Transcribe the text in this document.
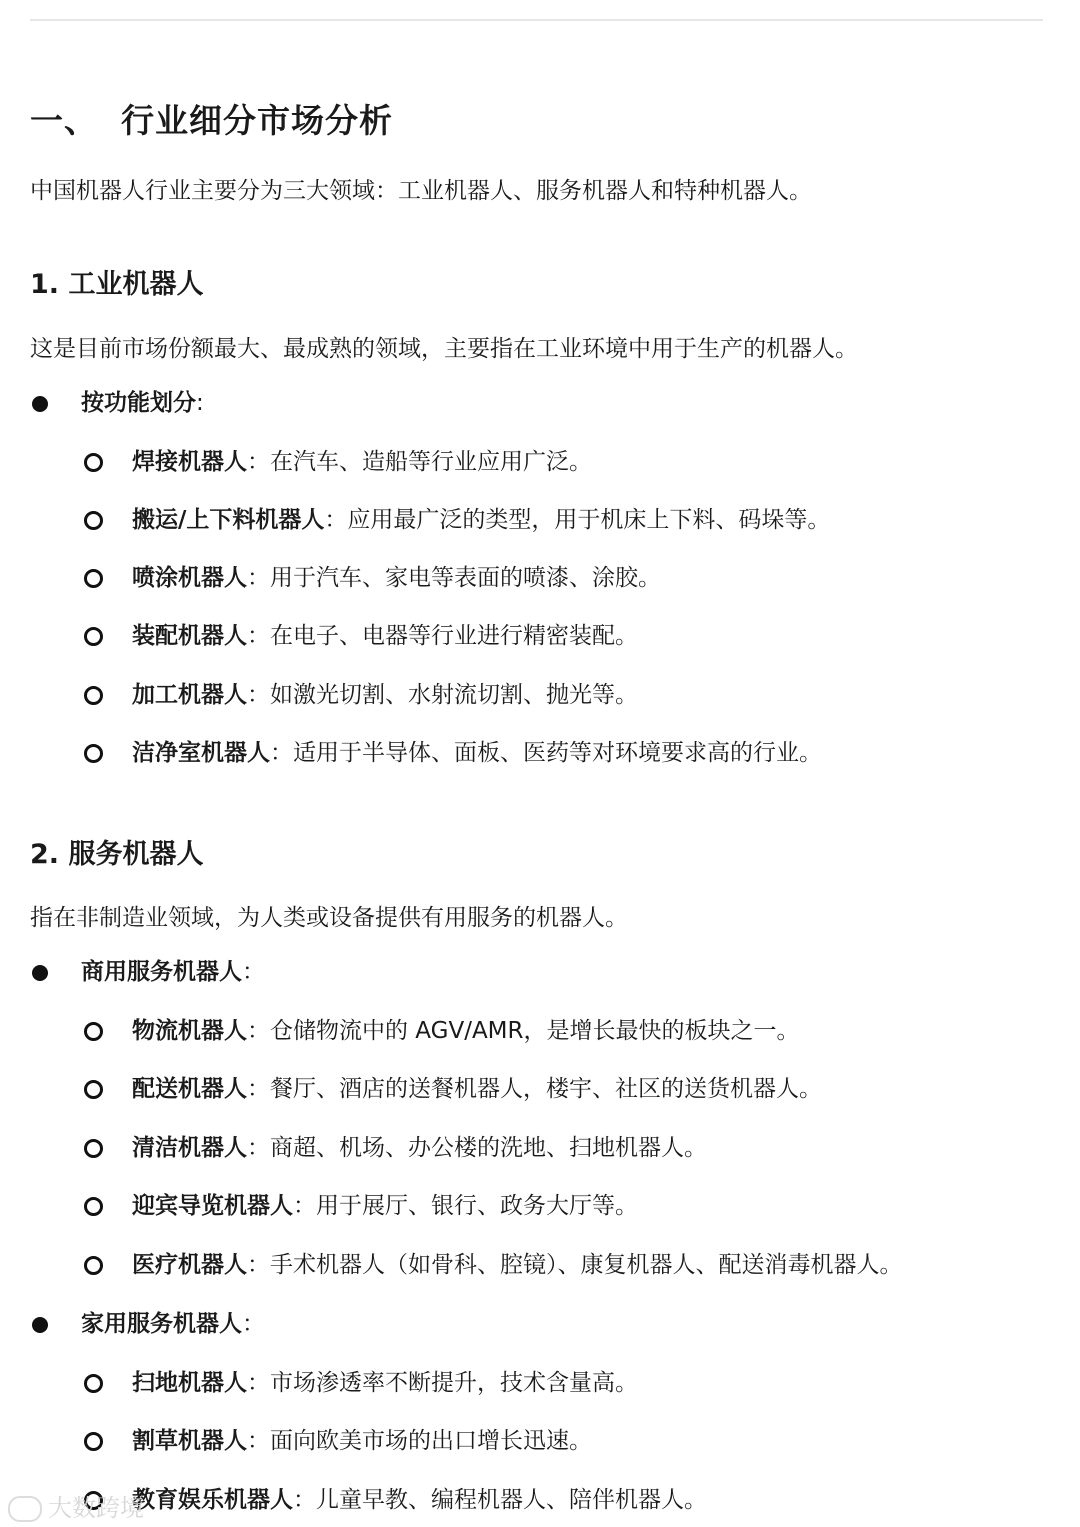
一、 行业细分市场分析
中国机器人行业主要分为三大领域：工业机器人、服务机器人和特种机器人。
1. 工业机器人
这是目前市场份额最大、最成熟的领域，主要指在工业环境中用于生产的机器人。
按功能划分:
焊接机器人：在汽车、造船等行业应用广泛。
搬运/上下料机器人：应用最广泛的类型，用于机床上下料、码垛等。
喷涂机器人：用于汽车、家电等表面的喷漆、涂胶。
装配机器人：在电子、电器等行业进行精密装配。
加工机器人：如激光切割、水射流切割、抛光等。
洁净室机器人：适用于半导体、面板、医药等对环境要求高的行业。
2. 服务机器人
指在非制造业领域，为人类或设备提供有用服务的机器人。
商用服务机器人：
物流机器人：仓储物流中的 AGV/AMR，是增长最快的板块之一。
配送机器人：餐厅、酒店的送餐机器人，楼宇、社区的送货机器人。
清洁机器人：商超、机场、办公楼的洗地、扫地机器人。
迎宾导览机器人：用于展厅、银行、政务大厅等。
医疗机器人：手术机器人（如骨科、腔镜）、康复机器人、配送消毒机器人。
家用服务机器人：
扫地机器人：市场渗透率不断提升，技术含量高。
割草机器人：面向欧美市场的出口增长迅速。
教育娱乐机器人：儿童早教、编程机器人、陪伴机器人。
大数跨境
